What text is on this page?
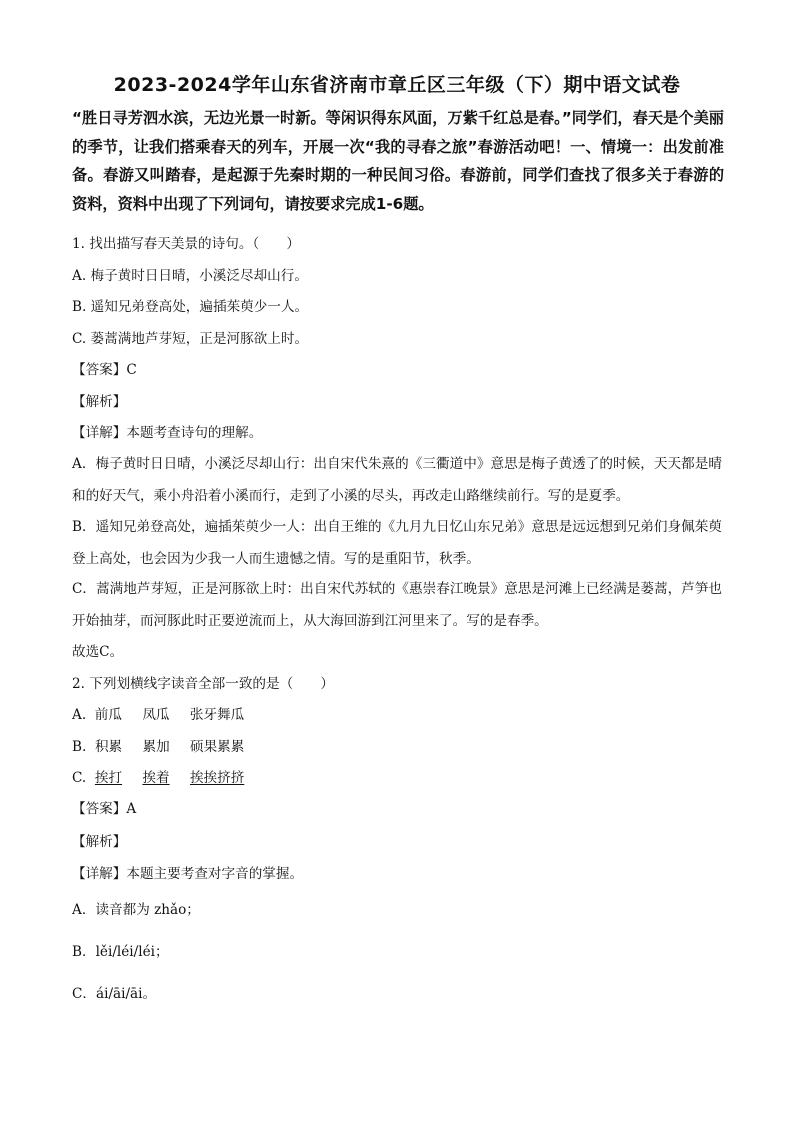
2023-2024学年山东省济南市章丘区三年级（下）期中语文试卷

“胜日寻芳泗水滨，无边光景一时新。等闲识得东风面，万紫千红总是春。”同学们，春天是个美丽的季节，让我们搭乘春天的列车，开展一次“我的寻春之旅”春游活动吧！一、情境一：出发前准备。春游又叫踏春，是起源于先秦时期的一种民间习俗。春游前，同学们查找了很多关于春游的资料，资料中出现了下列词句，请按要求完成1-6题。

1. 找出描写春天美景的诗句。（　　）
A. 梅子黄时日日晴，小溪泛尽却山行。
B. 遥知兄弟登高处，遍插茱萸少一人。
C. 蒌蒿满地芦芽短，正是河豚欲上时。
【答案】C
【解析】
【详解】本题考查诗句的理解。

A．梅子黄时日日晴，小溪泛尽却山行：出自宋代朱熹的《三衢道中》意思是梅子黄透了的时候，天天都是晴和的好天气，乘小舟沿着小溪而行，走到了小溪的尽头，再改走山路继续前行。写的是夏季。

B．遥知兄弟登高处，遍插茱萸少一人：出自王维的《九月九日忆山东兄弟》意思是远远想到兄弟们身佩茱萸登上高处，也会因为少我一人而生遗憾之情。写的是重阳节，秋季。

C．蒿满地芦芽短，正是河豚欲上时：出自宋代苏轼的《惠崇春江晚景》意思是河滩上已经满是蒌蒿，芦笋也开始抽芽，而河豚此时正要逆流而上，从大海回游到江河里来了。写的是春季。

故选C。
2. 下列划横线字读音全部一致的是（　　）
A. 前瓜 凤瓜 张牙舞瓜
B. 积累 累加 硕果累累
C. 挨打 挨着 挨挨挤挤
【答案】A
【解析】
【详解】本题主要考查对字音的掌握。
A．读音都为 zhǎo；
B．lěi/léi/léi；
C．ái/āi/āi。
